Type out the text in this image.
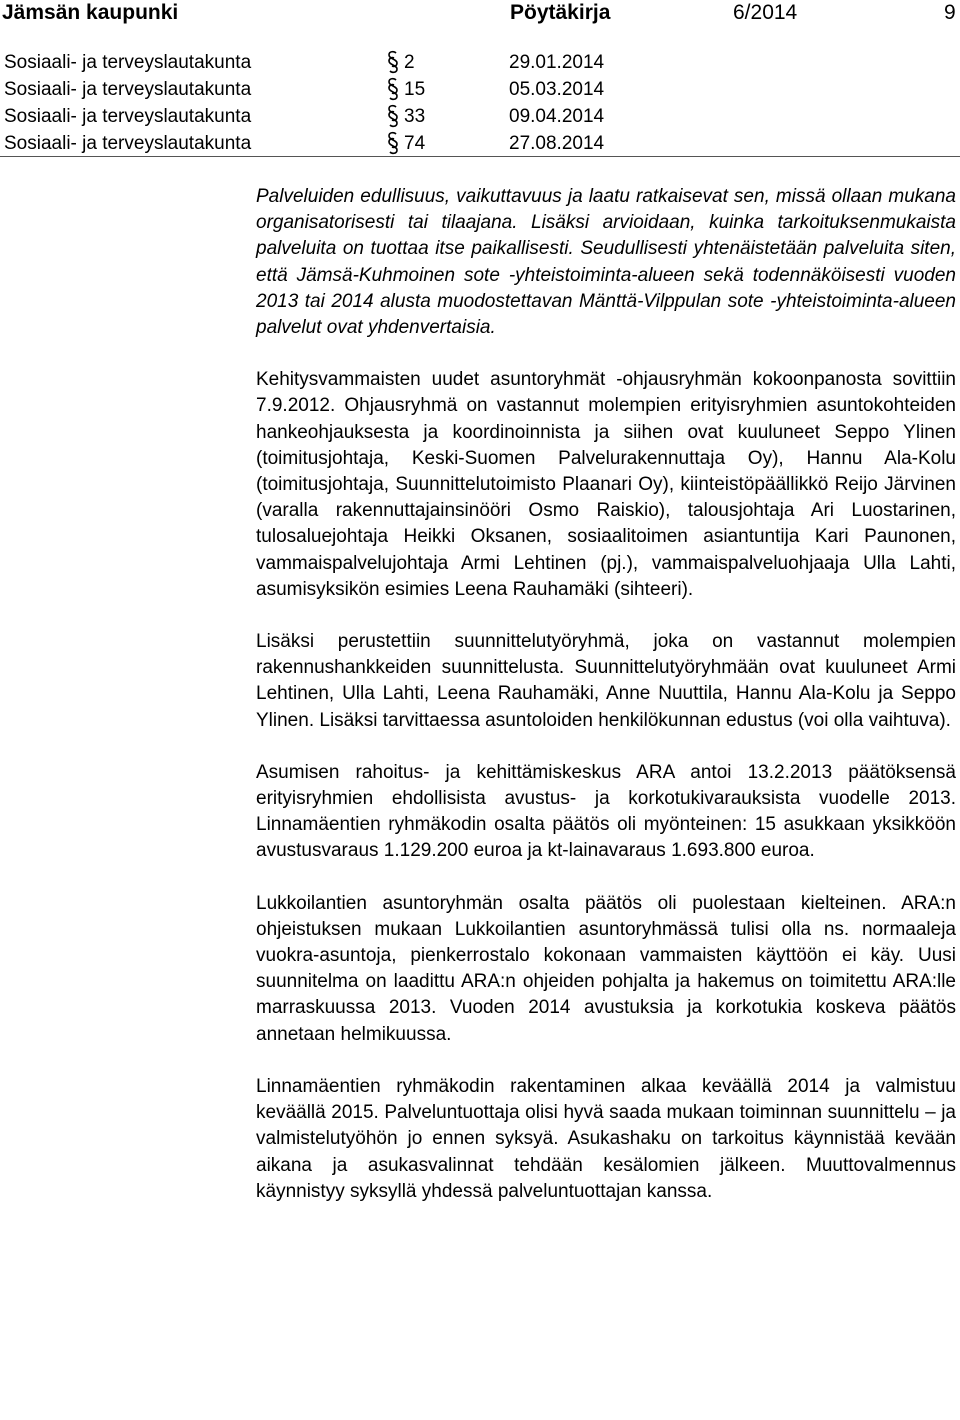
Jämsän kaupunki	Pöytäkirja	6/2014	9
Sosiaali- ja terveyslautakunta	2	29.01.2014
Sosiaali- ja terveyslautakunta	15	05.03.2014
Sosiaali- ja terveyslautakunta	33	09.04.2014
Sosiaali- ja terveyslautakunta	74	27.08.2014

Palveluiden edullisuus, vaikuttavuus ja laatu ratkaisevat sen, missä ollaan mukana organisatorisesti tai tilaajana. Lisäksi arvioidaan, kuinka tarkoituksenmukaista palveluita on tuottaa itse paikallisesti. Seudullisesti yhtenäistetään palveluita siten, että Jämsä-Kuhmoinen sote -yhteistoiminta-alueen sekä todennäköisesti vuoden 2013 tai 2014 alusta muodostettavan Mänttä-Vilppulan sote -yhteistoiminta-alueen palvelut ovat yhdenvertaisia.

Kehitysvammaisten uudet asuntoryhmät -ohjausryhmän kokoonpanosta sovittiin 7.9.2012. Ohjausryhmä on vastannut molempien erityisryhmien asuntokohteiden hankeohjauksesta ja koordinoinnista ja siihen ovat kuuluneet Seppo Ylinen (toimitusjohtaja, Keski-Suomen Palvelurakennuttaja Oy), Hannu Ala-Kolu (toimitusjohtaja, Suunnittelutoimisto Plaanari Oy), kiinteistöpäällikkö Reijo Järvinen (varalla rakennuttajainsinööri Osmo Raiskio), talousjohtaja Ari Luostarinen, tulosaluejohtaja Heikki Oksanen, sosiaalitoimen asiantuntija Kari Paunonen, vammaispalvelujohtaja Armi Lehtinen (pj.), vammaispalveluohjaaja Ulla Lahti, asumisyksikön esimies Leena Rauhamäki (sihteeri).

Lisäksi perustettiin suunnittelutyöryhmä, joka on vastannut molempien rakennushankkeiden suunnittelusta. Suunnittelutyöryhmään ovat kuuluneet Armi Lehtinen, Ulla Lahti, Leena Rauhamäki, Anne Nuuttila, Hannu Ala-Kolu ja Seppo Ylinen. Lisäksi tarvittaessa asuntoloiden henkilökunnan edustus (voi olla vaihtuva).

Asumisen rahoitus- ja kehittämiskeskus ARA antoi 13.2.2013 päätöksensä erityisryhmien ehdollisista avustus- ja korkotukivarauksista vuodelle 2013. Linnamäentien ryhmäkodin osalta päätös oli myönteinen: 15 asukkaan yksikköön avustusvaraus 1.129.200 euroa ja kt-lainavaraus 1.693.800 euroa.

Lukkoilantien asuntoryhmän osalta päätös oli puolestaan kielteinen. ARA:n ohjeistuksen mukaan Lukkoilantien asuntoryhmässä tulisi olla ns. normaaleja vuokra-asuntoja, pienkerrostalo kokonaan vammaisten käyttöön ei käy. Uusi suunnitelma on laadittu ARA:n ohjeiden pohjalta ja hakemus on toimitettu ARA:lle marraskuussa 2013. Vuoden 2014 avustuksia ja korkotukia koskeva päätös annetaan helmikuussa.

Linnamäentien ryhmäkodin rakentaminen alkaa keväällä 2014 ja valmistuu keväällä 2015. Palveluntuottaja olisi hyvä saada mukaan toiminnan suunnittelu – ja valmistelutyöhön jo ennen syksyä. Asukashaku on tarkoitus käynnistää kevään aikana ja asukasvalinnat tehdään kesälomien jälkeen. Muuttovalmennus käynnistyy syksyllä yhdessä palveluntuottajan kanssa.
